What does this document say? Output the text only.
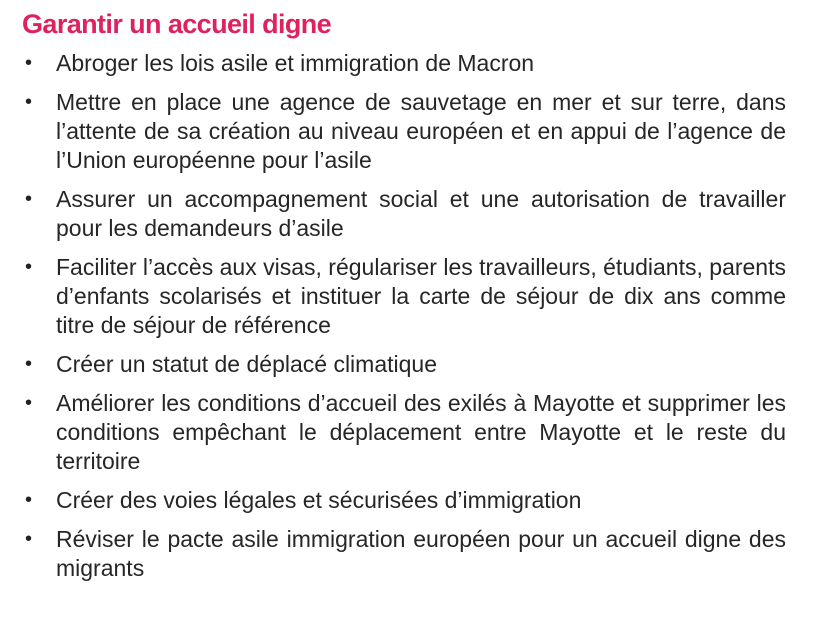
Garantir un accueil digne
• Abroger les lois asile et immigration de Macron
• Mettre en place une agence de sauvetage en mer et sur terre, dans l’attente de sa création au niveau européen et en appui de l’agence de l’Union européenne pour l’asile
• Assurer un accompagnement social et une autorisation de travailler pour les demandeurs d’asile
• Faciliter l’accès aux visas, régulariser les travailleurs, étudiants, parents d’enfants scolarisés et instituer la carte de séjour de dix ans comme titre de séjour de référence
• Créer un statut de déplacé climatique
• Améliorer les conditions d’accueil des exilés à Mayotte et supprimer les conditions empêchant le déplacement entre Mayotte et le reste du territoire
• Créer des voies légales et sécurisées d’immigration
• Réviser le pacte asile immigration européen pour un accueil digne des migrants
